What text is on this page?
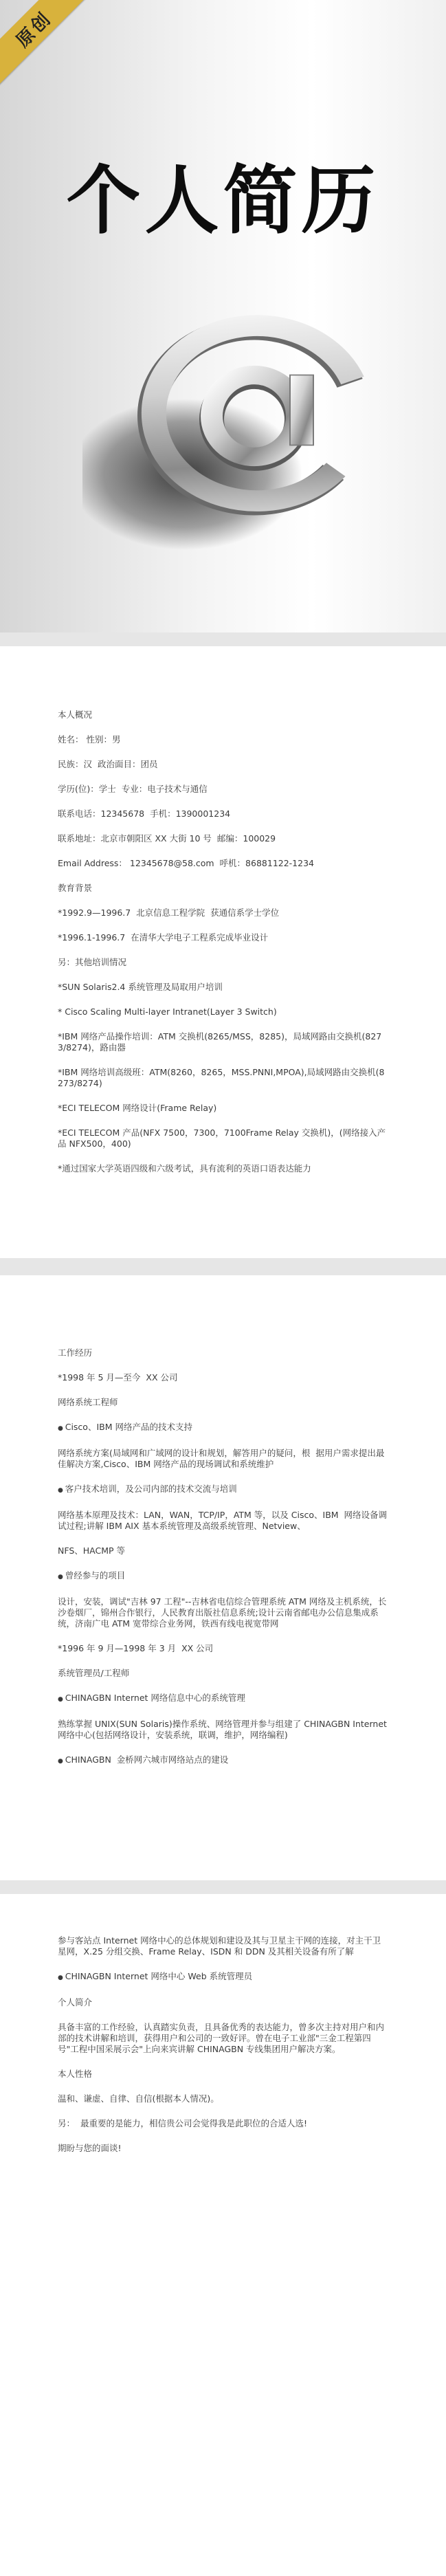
原创
个人简历

本人概况

姓名： 性别：男

民族：汉  政治面目：团员

学历(位)：学士  专业：电子技术与通信

联系电话：12345678  手机：1390001234

联系地址：北京市朝阳区 XX 大街 10 号  邮编：100029

Email Address： 12345678@58.com  呼机：86881122-1234

教育背景

*1992.9—1996.7  北京信息工程学院  获通信系学士学位

*1996.1-1996.7  在清华大学电子工程系完成毕业设计

另：其他培训情况

*SUN Solaris2.4 系统管理及局取用户培训

* Cisco Scaling Multi-layer Intranet(Layer 3 Switch)

*IBM 网络产品操作培训：ATM 交换机(8265/MSS，8285)，局域网路由交换机(8273/8274)，路由器

*IBM 网络培训高级班：ATM(8260，8265，MSS.PNNI,MPOA),局域网路由交换机(8273/8274)

*ECI TELECOM 网络设计(Frame Relay)

*ECI TELECOM 产品(NFX 7500，7300，7100Frame Relay 交换机)，(网络接入产品 NFX500，400)

*通过国家大学英语四级和六级考试，具有流利的英语口语表达能力

工作经历

*1998 年 5 月—至今  XX 公司

网络系统工程师

● Cisco、IBM 网络产品的技术支持

网络系统方案(局域网和广域网的设计和规划，解答用户的疑问，根  据用户需求提出最佳解决方案,Cisco、IBM 网络产品的现场调试和系统维护

● 客户技术培训，及公司内部的技术交流与培训

网络基本原理及技术：LAN，WAN，TCP/IP，ATM 等，以及 Cisco、IBM  网络设备调试过程;讲解 IBM AIX 基本系统管理及高级系统管理、Netview、

NFS、HACMP 等

● 曾经参与的项目

设计，安装，调试"吉林 97 工程"--吉林省电信综合管理系统 ATM 网络及主机系统，长沙卷烟厂，锦州合作银行，人民教育出版社信息系统;设计云南省邮电办公信息集成系统，济南广电 ATM 宽带综合业务网，铁西有线电视宽带网

*1996 年 9 月—1998 年 3 月  XX 公司

系统管理员/工程师

● CHINAGBN Internet 网络信息中心的系统管理

熟练掌握 UNIX(SUN Solaris)操作系统、网络管理并参与组建了 CHINAGBN Internet 网络中心(包括网络设计，安装系统，联调，维护，网络编程)

● CHINAGBN  金桥网六城市网络站点的建设

参与客站点 Internet 网络中心的总体规划和建设及其与卫星主干网的连接，对主干卫星网，X.25 分组交换、Frame Relay、ISDN 和 DDN 及其相关设备有所了解

● CHINAGBN Internet 网络中心 Web 系统管理员

个人简介

具备丰富的工作经验，认真踏实负责，且具备优秀的表达能力，曾多次主持对用户和内部的技术讲解和培训，获得用户和公司的一致好评。曾在电子工业部"三金工程第四号"工程中国采展示会"上向来宾讲解 CHINAGBN 专线集团用户解决方案。

本人性格

温和、谦虚、自律、自信(根据本人情况)。

另：  最重要的是能力，相信贵公司会觉得我是此职位的合适人选!

期盼与您的面谈!
